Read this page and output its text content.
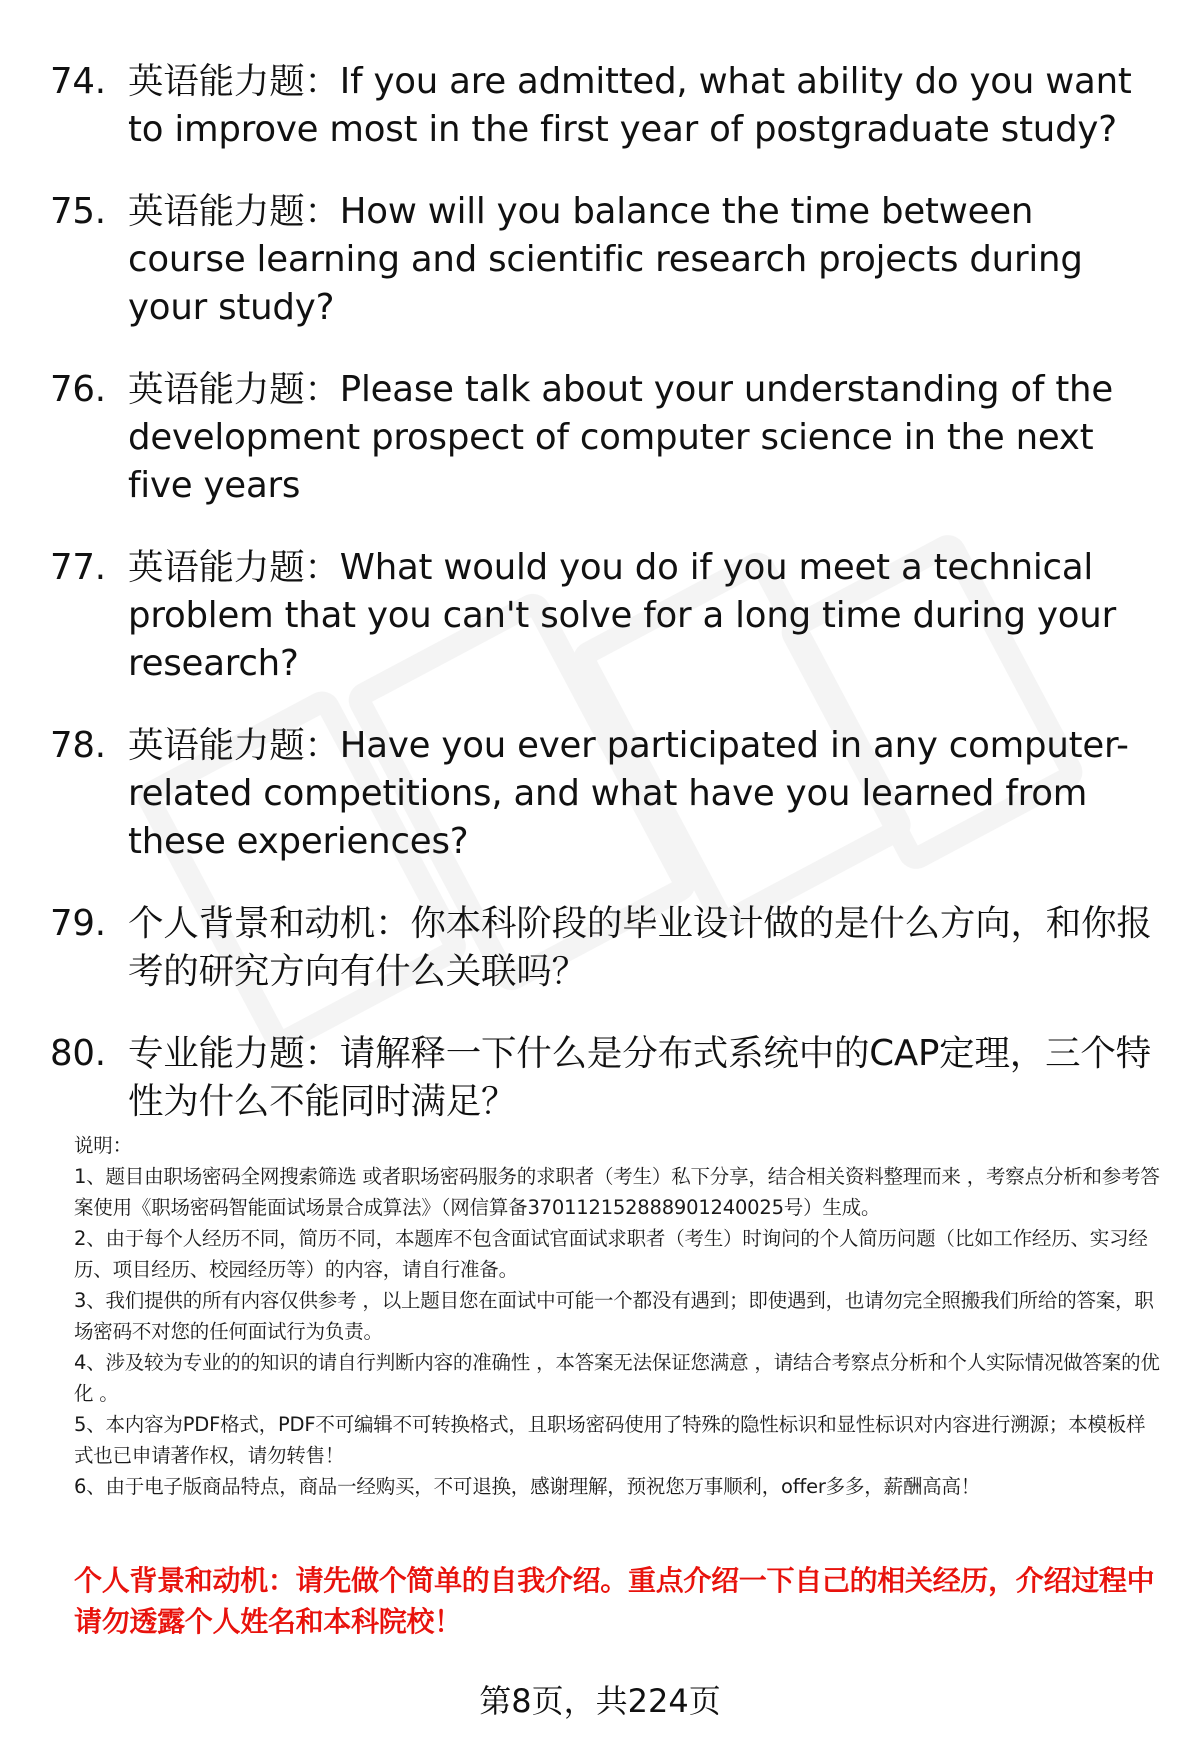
74. 英语能力题：If you are admitted, what ability do you want to improve most in the first year of postgraduate study?
75. 英语能力题：How will you balance the time between course learning and scientific research projects during your study?
76. 英语能力题：Please talk about your understanding of the development prospect of computer science in the next five years
77. 英语能力题：What would you do if you meet a technical problem that you can't solve for a long time during your research?
78. 英语能力题：Have you ever participated in any computer-related competitions, and what have you learned from these experiences?
79. 个人背景和动机：你本科阶段的毕业设计做的是什么方向，和你报考的研究方向有什么关联吗？
80. 专业能力题：请解释一下什么是分布式系统中的CAP定理，三个特性为什么不能同时满足？

说明：

1、题目由职场密码全网搜索筛选 或者职场密码服务的求职者（考生）私下分享，结合相关资料整理而来 ，考察点分析和参考答案使用《职场密码智能面试场景合成算法》（网信算备370112152888901240025号）生成。

2、由于每个人经历不同，简历不同，本题库不包含面试官面试求职者（考生）时询问的个人简历问题（比如工作经历、实习经历、项目经历、校园经历等）的内容，请自行准备。

3、我们提供的所有内容仅供参考 ，以上题目您在面试中可能一个都没有遇到；即使遇到，也请勿完全照搬我们所给的答案，职场密码不对您的任何面试行为负责。

4、涉及较为专业的的知识的请自行判断内容的准确性 ，本答案无法保证您满意 ，请结合考察点分析和个人实际情况做答案的优化 。

5、本内容为PDF格式，PDF不可编辑不可转换格式，且职场密码使用了特殊的隐性标识和显性标识对内容进行溯源；本模板样式也已申请著作权，请勿转售！

6、由于电子版商品特点，商品一经购买，不可退换，感谢理解，预祝您万事顺利，offer多多，薪酬高高！

个人背景和动机：请先做个简单的自我介绍。重点介绍一下自己的相关经历，介绍过程中请勿透露个人姓名和本科院校！
第8页，共224页
